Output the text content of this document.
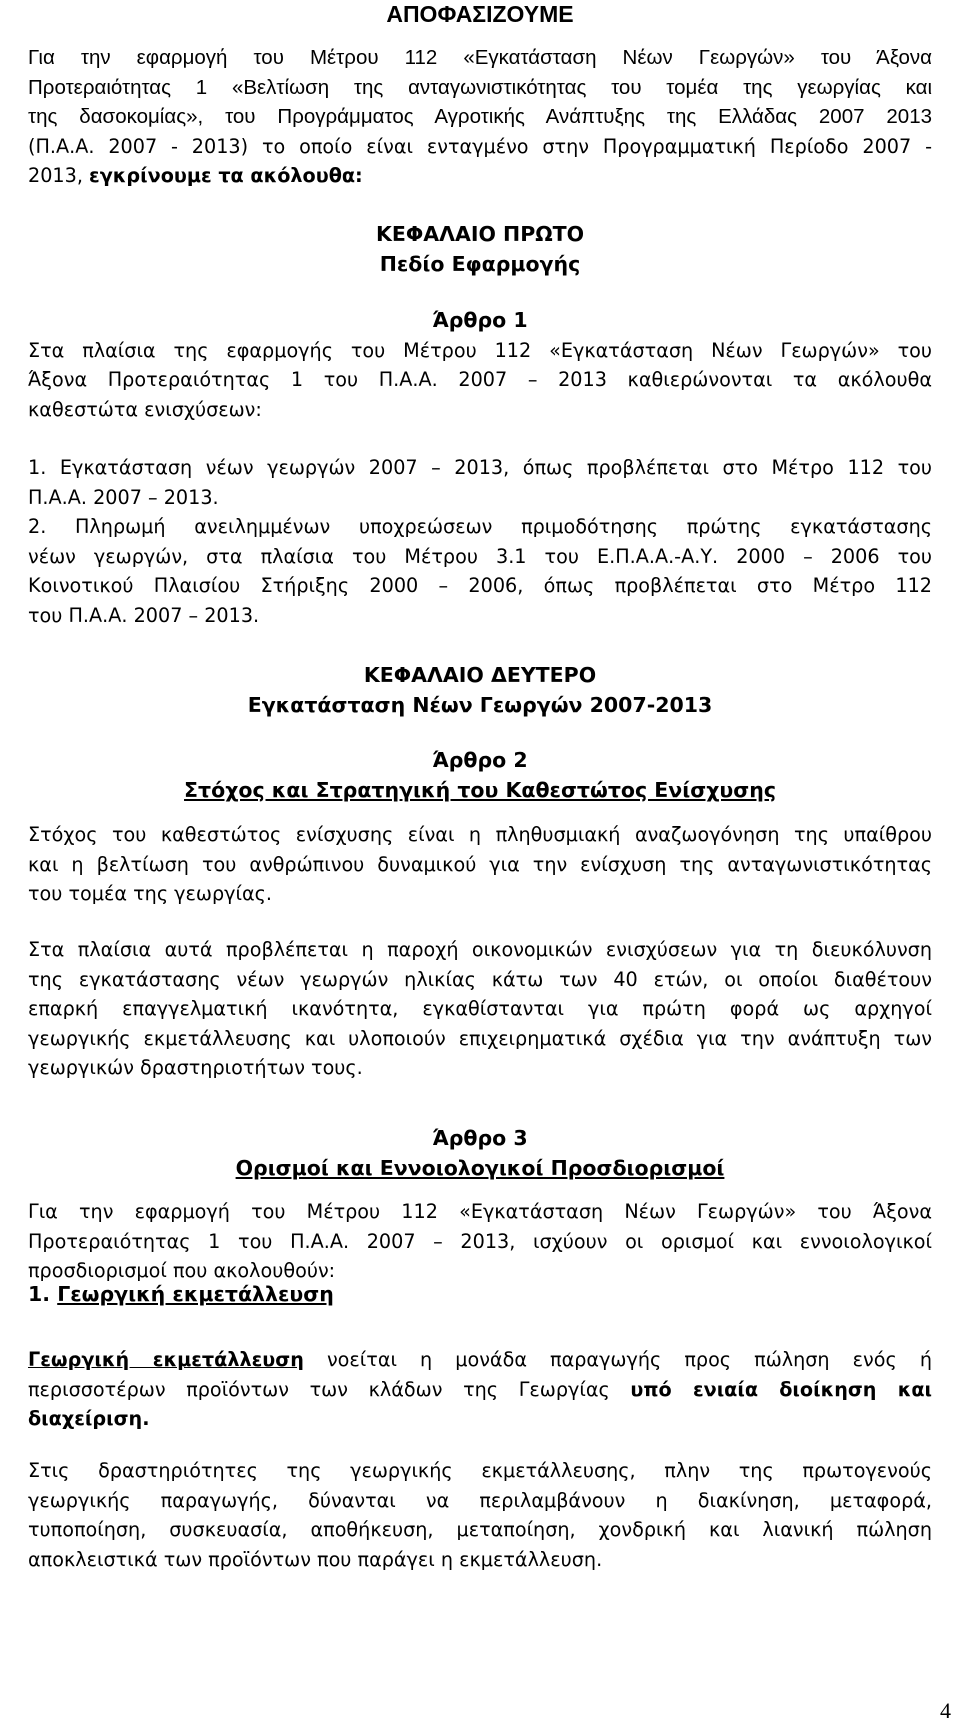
ΑΠΟΦΑΣΙΖΟΥΜΕ
Για την εφαρμογή του Μέτρου 112 «Εγκατάσταση Νέων Γεωργών» του Άξονα
Προτεραιότητας 1 «Βελτίωση της ανταγωνιστικότητας του τομέα της γεωργίας και
της δασοκομίας», του Προγράμματος Αγροτικής Ανάπτυξης της Ελλάδας 2007 2013
(Π.Α.Α. 2007 - 2013) το οποίο είναι ενταγμένο στην Προγραμματική Περίοδο 2007 -
2013, εγκρίνουμε τα ακόλουθα:
ΚΕΦΑΛΑΙΟ ΠΡΩΤΟ
Πεδίο Εφαρμογής
Άρθρο 1
Στα πλαίσια της εφαρμογής του Μέτρου 112 «Εγκατάσταση Νέων Γεωργών» του
Άξονα Προτεραιότητας 1 του Π.Α.Α. 2007 – 2013 καθιερώνονται τα ακόλουθα
καθεστώτα ενισχύσεων:
1. Εγκατάσταση νέων γεωργών 2007 – 2013, όπως προβλέπεται στο Μέτρο 112 του
Π.Α.Α. 2007 – 2013.
2. Πληρωμή ανειλημμένων υποχρεώσεων πριμοδότησης πρώτης εγκατάστασης
νέων γεωργών, στα πλαίσια του Μέτρου 3.1 του Ε.Π.Α.Α.-Α.Υ. 2000 – 2006 του
Κοινοτικού Πλαισίου Στήριξης 2000 – 2006, όπως προβλέπεται στο Μέτρο 112
του Π.Α.Α. 2007 – 2013.
ΚΕΦΑΛΑΙΟ ΔΕΥΤΕΡΟ
Εγκατάσταση Νέων Γεωργών 2007-2013
Άρθρο 2
Στόχος και Στρατηγική του Καθεστώτος Ενίσχυσης
Στόχος του καθεστώτος ενίσχυσης είναι η πληθυσμιακή αναζωογόνηση της υπαίθρου
και η βελτίωση του ανθρώπινου δυναμικού για την ενίσχυση της ανταγωνιστικότητας
του τομέα της γεωργίας.
Στα πλαίσια αυτά προβλέπεται η παροχή οικονομικών ενισχύσεων για τη διευκόλυνση
της εγκατάστασης νέων γεωργών ηλικίας κάτω των 40 ετών, οι οποίοι διαθέτουν
επαρκή επαγγελματική ικανότητα, εγκαθίστανται για πρώτη φορά ως αρχηγοί
γεωργικής εκμετάλλευσης και υλοποιούν επιχειρηματικά σχέδια για την ανάπτυξη των
γεωργικών δραστηριοτήτων τους.
Άρθρο 3
Ορισμοί και Εννοιολογικοί Προσδιορισμοί
Για την εφαρμογή του Μέτρου 112 «Εγκατάσταση Νέων Γεωργών» του Άξονα
Προτεραιότητας 1 του Π.Α.Α. 2007 – 2013, ισχύουν οι ορισμοί και εννοιολογικοί
προσδιορισμοί που ακολουθούν:
1. Γεωργική εκμετάλλευση
Γεωργική εκμετάλλευση νοείται η μονάδα παραγωγής προς πώληση ενός ή
περισσοτέρων προϊόντων των κλάδων της Γεωργίας υπό ενιαία διοίκηση και
διαχείριση.
Στις δραστηριότητες της γεωργικής εκμετάλλευσης, πλην της πρωτογενούς
γεωργικής παραγωγής, δύνανται να περιλαμβάνουν η διακίνηση, μεταφορά,
τυποποίηση, συσκευασία, αποθήκευση, μεταποίηση, χονδρική και λιανική πώληση
αποκλειστικά των προϊόντων που παράγει η εκμετάλλευση.
4
